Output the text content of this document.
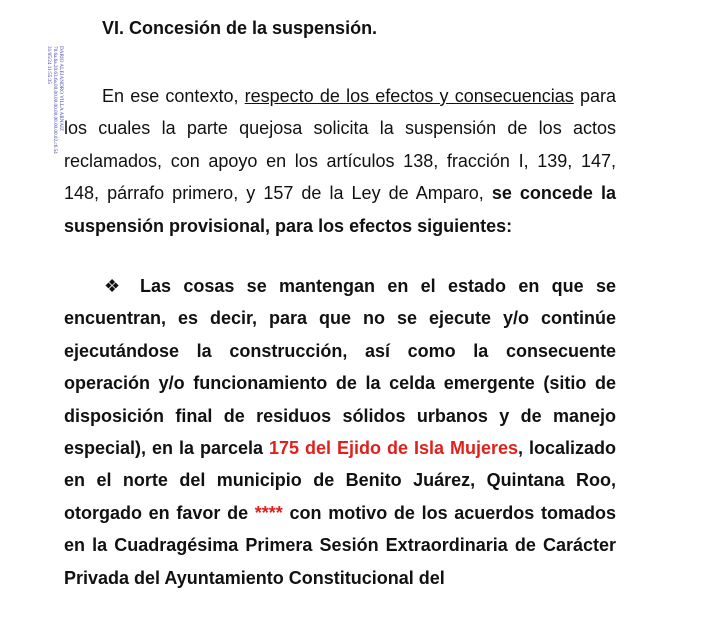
DARIO ALEJANDRO VILLA ARNAIZ
70.6a.6a.20.63.6a.00.00.00.00.00.00.00.00.02.c6.54
31/05/24 11:55:35
VI. Concesión de la suspensión.

En ese contexto, respecto de los efectos y consecuencias para los cuales la parte quejosa solicita la suspensión de los actos reclamados, con apoyo en los artículos 138, fracción I, 139, 147, 148, párrafo primero, y 157 de la Ley de Amparo, se concede la suspensión provisional, para los efectos siguientes:

❖ Las cosas se mantengan en el estado en que se encuentran, es decir, para que no se ejecute y/o continúe ejecutándose la construcción, así como la consecuente operación y/o funcionamiento de la celda emergente (sitio de disposición final de residuos sólidos urbanos y de manejo especial), en la parcela 175 del Ejido de Isla Mujeres, localizado en el norte del municipio de Benito Juárez, Quintana Roo, otorgado en favor de **** con motivo de los acuerdos tomados en la Cuadragésima Primera Sesión Extraordinaria de Carácter Privada del Ayuntamiento Constitucional del
